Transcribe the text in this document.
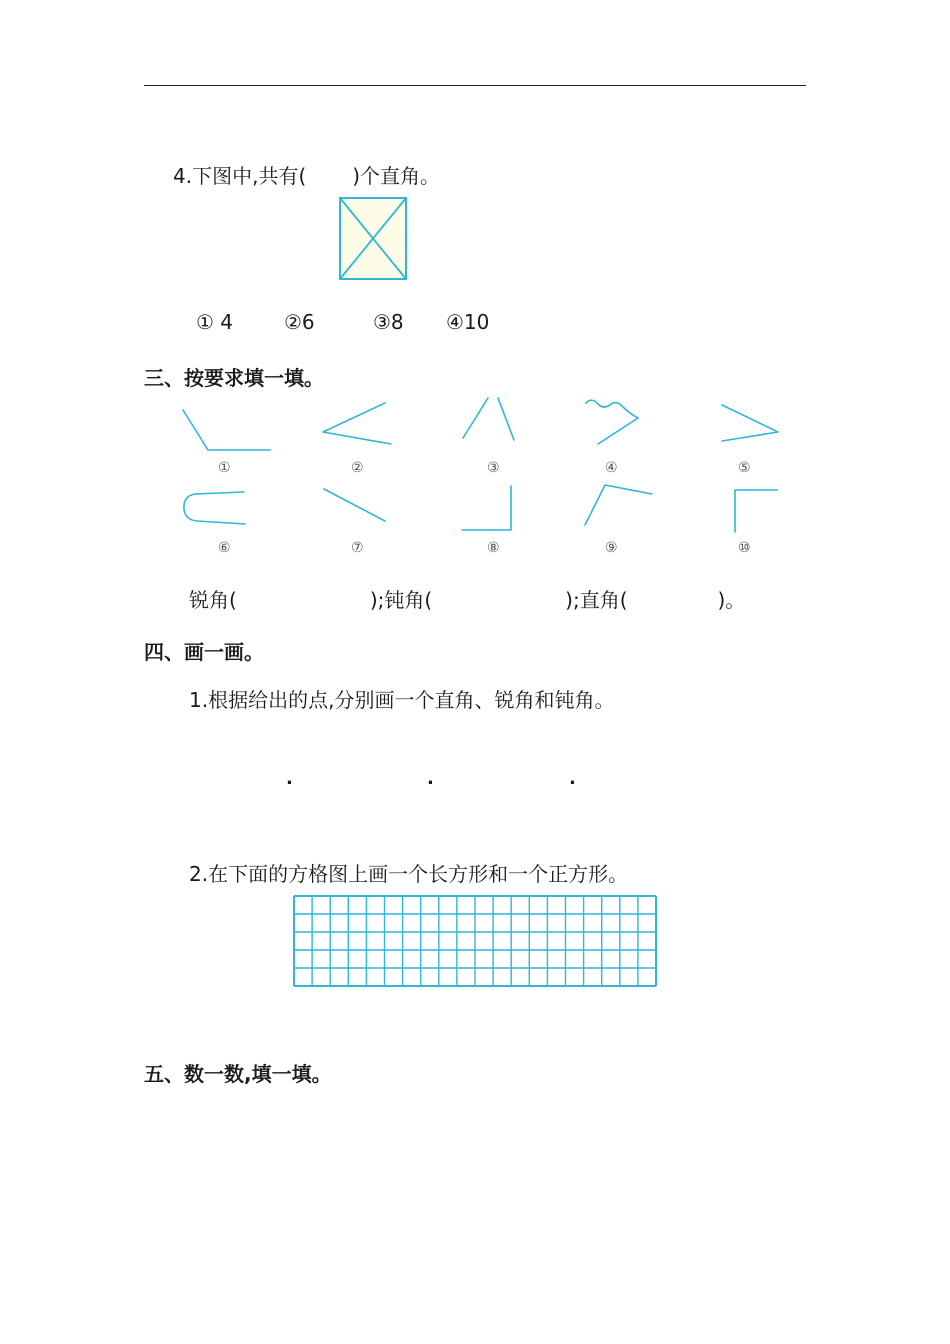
4.下图中,共有( )个直角。
① 4	②6	③8 ④10
三、按要求填一填。
①	②	③	④	⑤
⑥	⑦	⑧	⑨	⑩
锐角(	);钝角(	);直角(	)。
四、画一画。
1.根据给出的点,分别画一个直角、锐角和钝角。
.	.	.
2.在下面的方格图上画一个长方形和一个正方形。
五、数一数,填一填。
